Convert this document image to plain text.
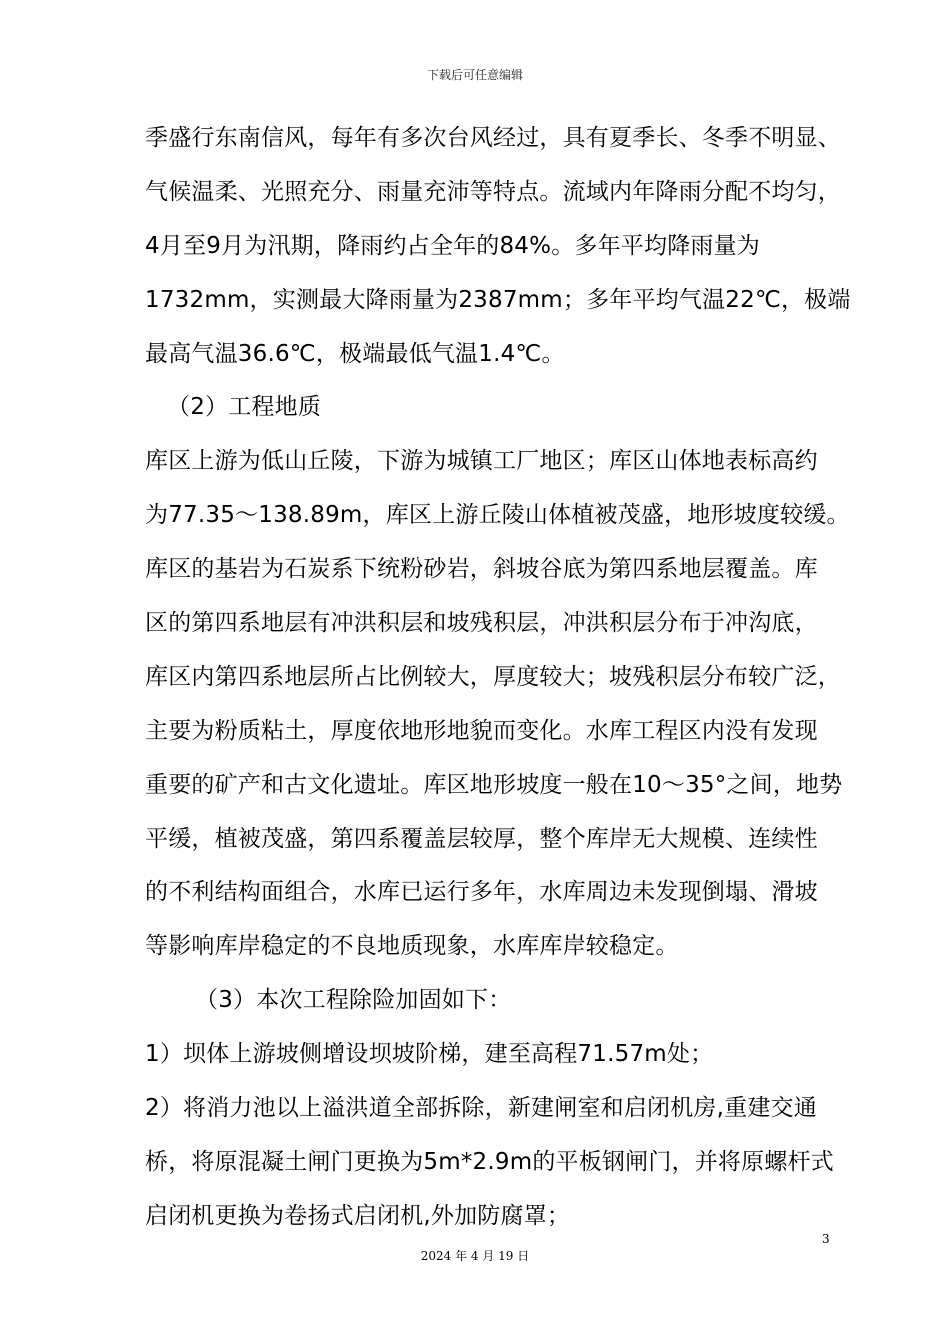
下载后可任意编辑
季盛行东南信风，每年有多次台风经过，具有夏季长、冬季不明显、
气候温柔、光照充分、雨量充沛等特点。流域内年降雨分配不均匀，
4月至9月为汛期，降雨约占全年的84%。多年平均降雨量为
1732mm，实测最大降雨量为2387mm；多年平均气温22℃，极端
最高气温36.6℃，极端最低气温1.4℃。
（2）工程地质
库区上游为低山丘陵，下游为城镇工厂地区；库区山体地表标高约
为77.35～138.89m，库区上游丘陵山体植被茂盛，地形坡度较缓。
库区的基岩为石炭系下统粉砂岩，斜坡谷底为第四系地层覆盖。库
区的第四系地层有冲洪积层和坡残积层，冲洪积层分布于冲沟底，
库区内第四系地层所占比例较大，厚度较大；坡残积层分布较广泛，
主要为粉质粘土，厚度依地形地貌而变化。水库工程区内没有发现
重要的矿产和古文化遗址。库区地形坡度一般在10～35°之间，地势
平缓，植被茂盛，第四系覆盖层较厚，整个库岸无大规模、连续性
的不利结构面组合，水库已运行多年，水库周边未发现倒塌、滑坡
等影响库岸稳定的不良地质现象，水库库岸较稳定。
（3）本次工程除险加固如下：
1）坝体上游坡侧增设坝坡阶梯，建至高程71.57m处；
2）将消力池以上溢洪道全部拆除，新建闸室和启闭机房,重建交通
桥，将原混凝土闸门更换为5m*2.9m的平板钢闸门，并将原螺杆式
启闭机更换为卷扬式启闭机,外加防腐罩；
3
2024 年 4 月 19 日
